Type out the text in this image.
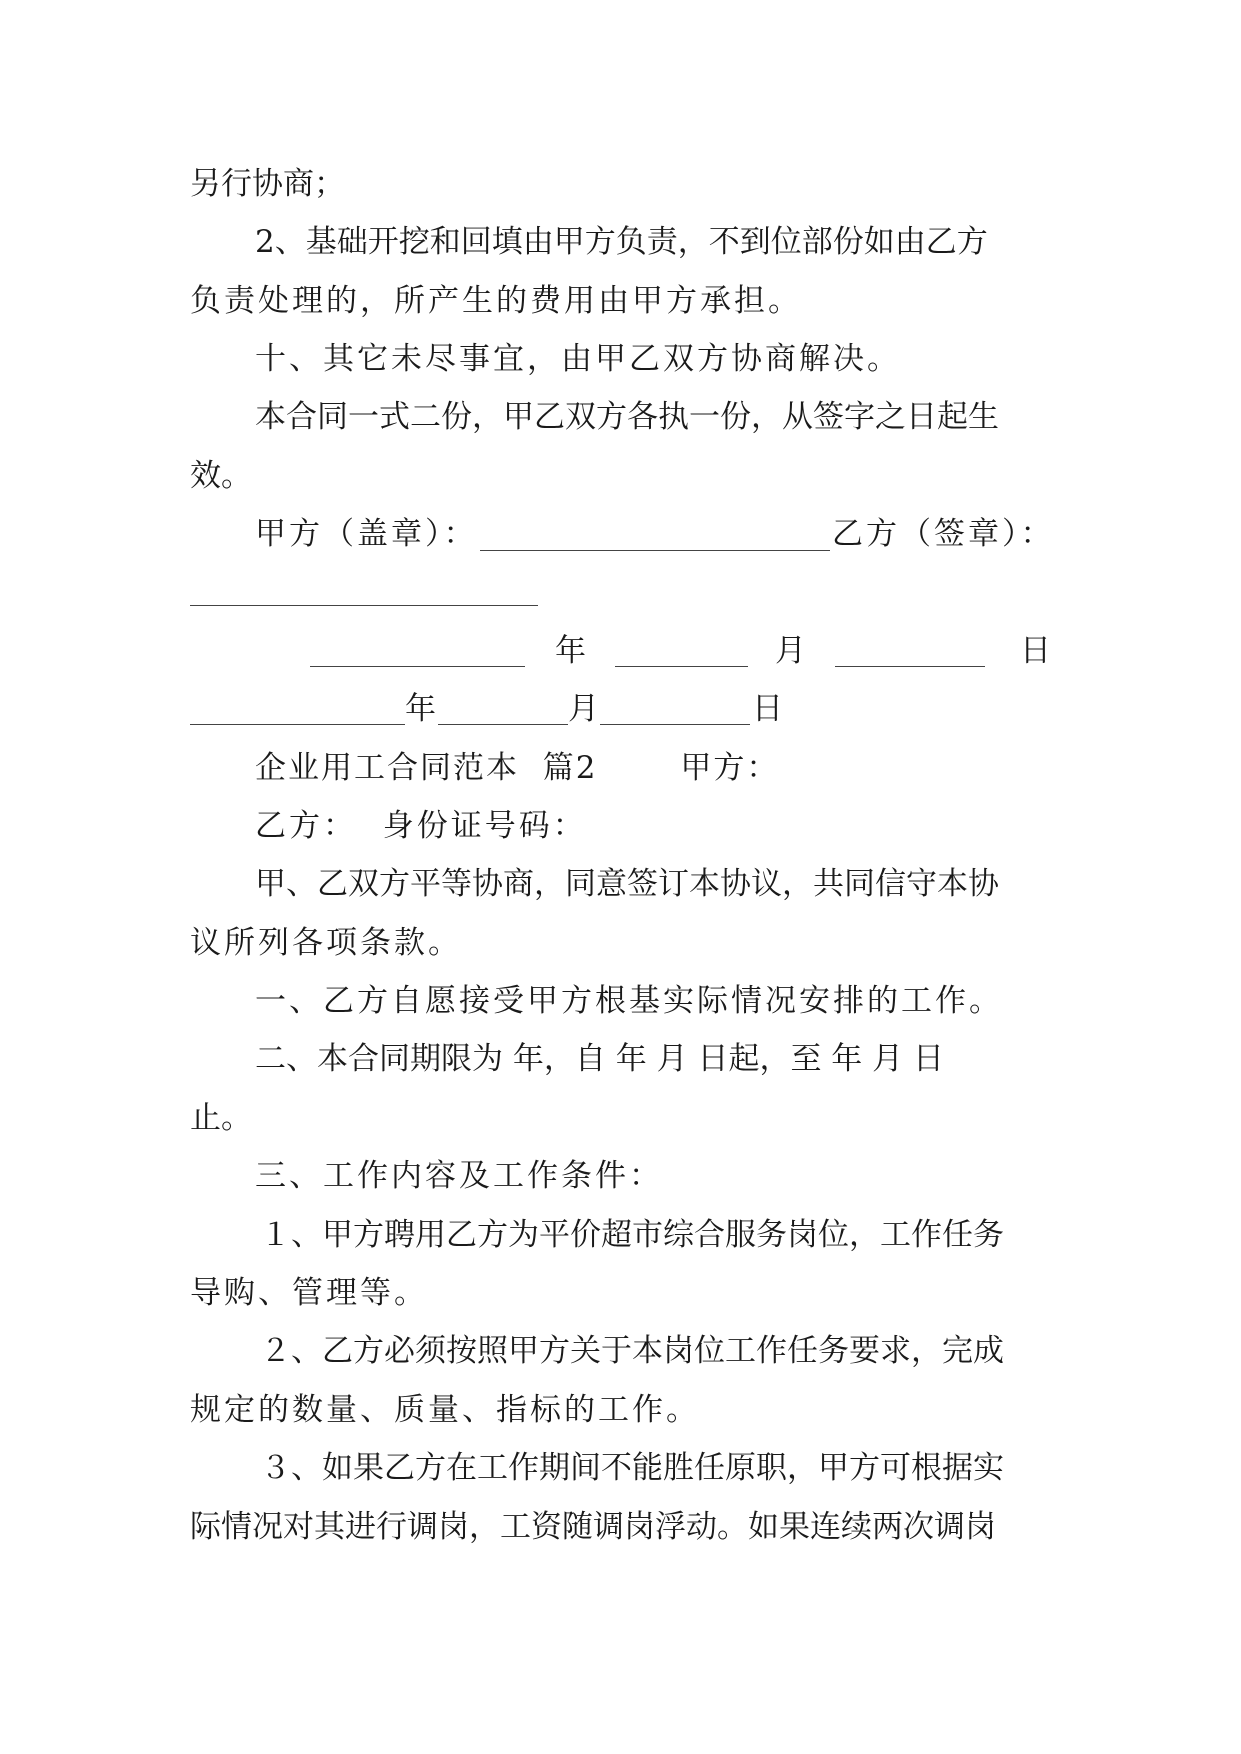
另行协商；
2、基础开挖和回填由甲方负责，不到位部份如由乙方
负责处理的，所产生的费用由甲方承担。
十、其它未尽事宜，由甲乙双方协商解决。
本合同一式二份，甲乙双方各执一份，从签字之日起生
效。
甲方（盖章）：	乙方（签章）：
年	月	日
年	月	日
企业用工合同范本  篇2       甲方：
乙方：  身份证号码：
甲、乙双方平等协商，同意签订本协议，共同信守本协
议所列各项条款。
一、乙方自愿接受甲方根基实际情况安排的工作。
二、本合同期限为 年，自 年 月 日起，至 年 月 日
止。
三、工作内容及工作条件：
１、甲方聘用乙方为平价超市综合服务岗位，工作任务
导购、管理等。
２、乙方必须按照甲方关于本岗位工作任务要求，完成
规定的数量、质量、指标的工作。
３、如果乙方在工作期间不能胜任原职，甲方可根据实
际情况对其进行调岗，工资随调岗浮动。如果连续两次调岗
